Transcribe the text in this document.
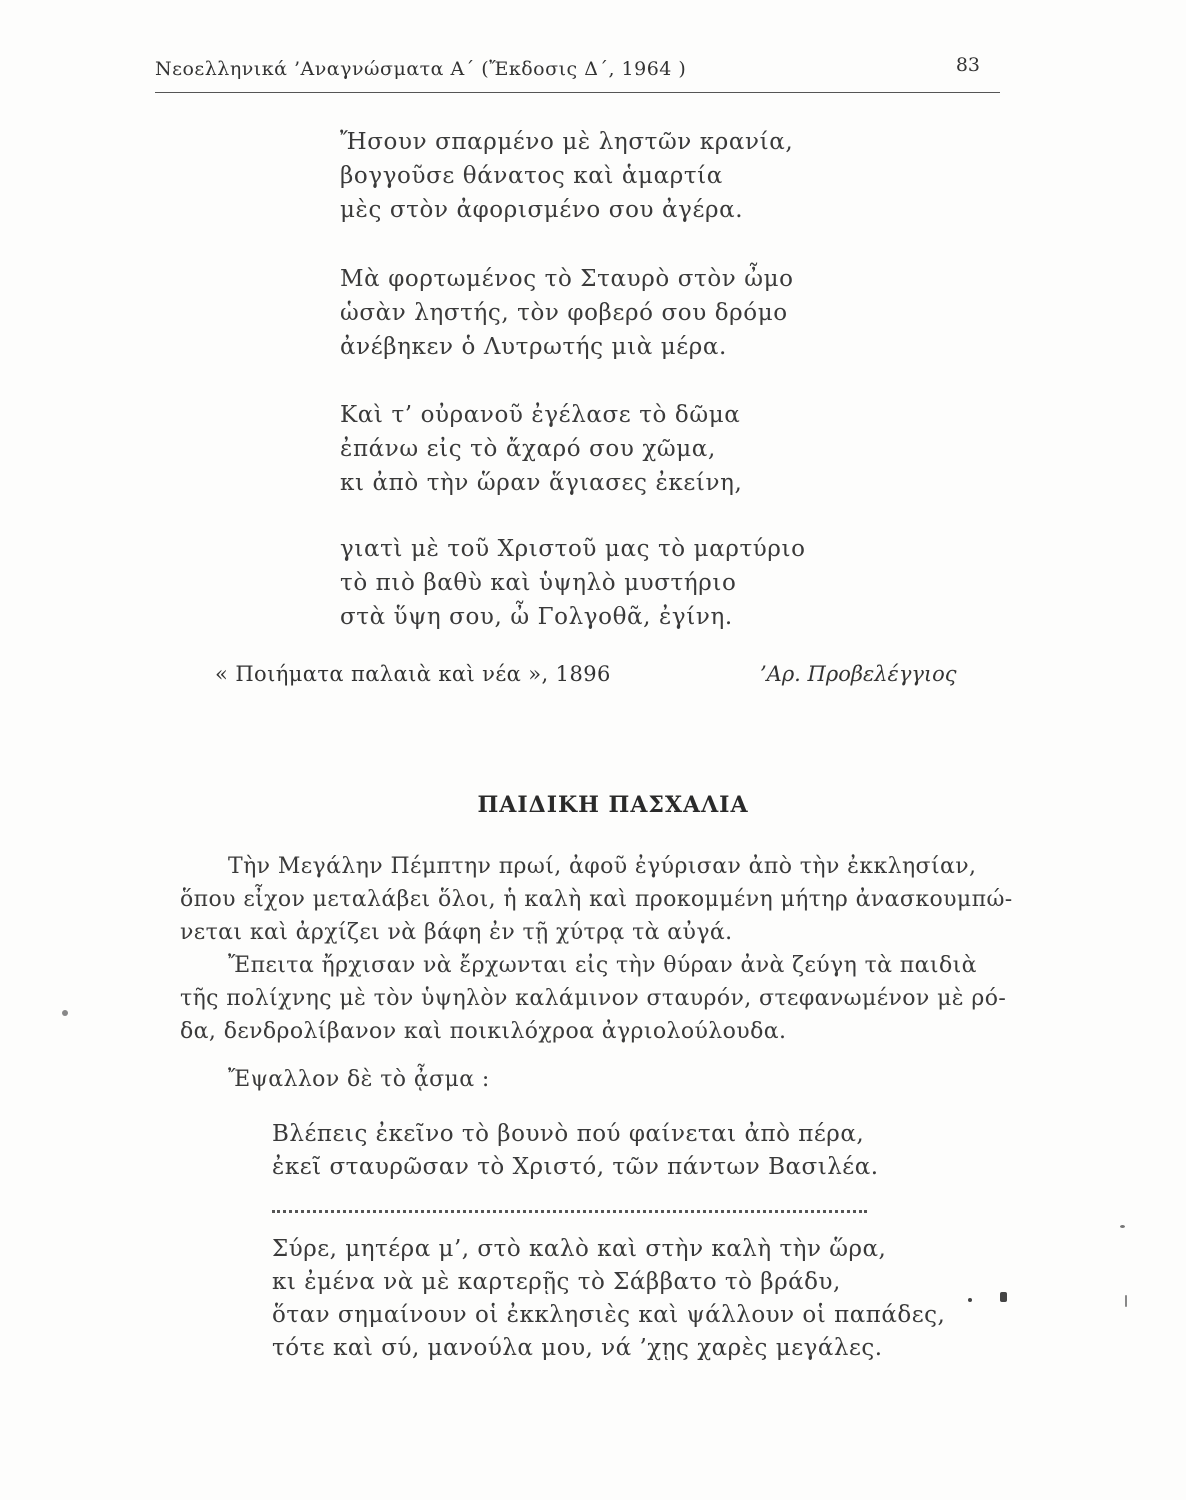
Νεοελληνικά ’Αναγνώσματα Α΄ (Ἔκδοσις Δ΄, 1964 )	83
Ἤσουν σπαρμένο μὲ ληστῶν κρανία,
βογγοῦσε θάνατος καὶ ἁμαρτία
μὲς στὸν ἀφορισμένο σου ἀγέρα.
Μὰ φορτωμένος τὸ Σταυρὸ στὸν ὦμο
ὡσὰν ληστής, τὸν φοβερό σου δρόμο
ἀνέβηκεν ὁ Λυτρωτής μιὰ μέρα.
Καὶ τ’ οὐρανοῦ ἐγέλασε τὸ δῶμα
ἐπάνω εἰς τὸ ἄχαρό σου χῶμα,
κι ἀπὸ τὴν ὥραν ἅγιασες ἐκείνη,
γιατὶ μὲ τοῦ Χριστοῦ μας τὸ μαρτύριο
τὸ πιὸ βαθὺ καὶ ὑψηλὸ μυστήριο
στὰ ὕψη σου, ὦ Γολγοθᾶ, ἐγίνη.
« Ποιήματα παλαιὰ καὶ νέα », 1896	’Αρ. Προβελέγγιος
ΠΑΙΔΙΚΗ ΠΑΣΧΑΛΙΑ
Τὴν Μεγάλην Πέμπτην πρωί, ἀφοῦ ἐγύρισαν ἀπὸ τὴν ἐκκλησίαν,
ὅπου εἶχον μεταλάβει ὅλοι, ἡ καλὴ καὶ προκομμένη μήτηρ ἀνασκουμπώ-
νεται καὶ ἀρχίζει νὰ βάφη ἐν τῇ χύτρᾳ τὰ αὐγά.
Ἔπειτα ἤρχισαν νὰ ἔρχωνται εἰς τὴν θύραν ἀνὰ ζεύγη τὰ παιδιὰ
τῆς πολίχνης μὲ τὸν ὑψηλὸν καλάμινον σταυρόν, στεφανωμένον μὲ ρό-
δα, δενδρολίβανον καὶ ποικιλόχροα ἀγριολούλουδα.
Ἔψαλλον δὲ τὸ ᾆσμα :
Βλέπεις ἐκεῖνο τὸ βουνὸ πού φαίνεται ἀπὸ πέρα,
ἐκεῖ σταυρῶσαν τὸ Χριστό, τῶν πάντων Βασιλέα.
Σύρε, μητέρα μ’, στὸ καλὸ καὶ στὴν καλὴ τὴν ὥρα,
κι ἐμένα νὰ μὲ καρτερῇς τὸ Σάββατο τὸ βράδυ,
ὅταν σημαίνουν οἱ ἐκκλησιὲς καὶ ψάλλουν οἱ παπάδες,
τότε καὶ σύ, μανούλα μου, νά ’χῃς χαρὲς μεγάλες.
